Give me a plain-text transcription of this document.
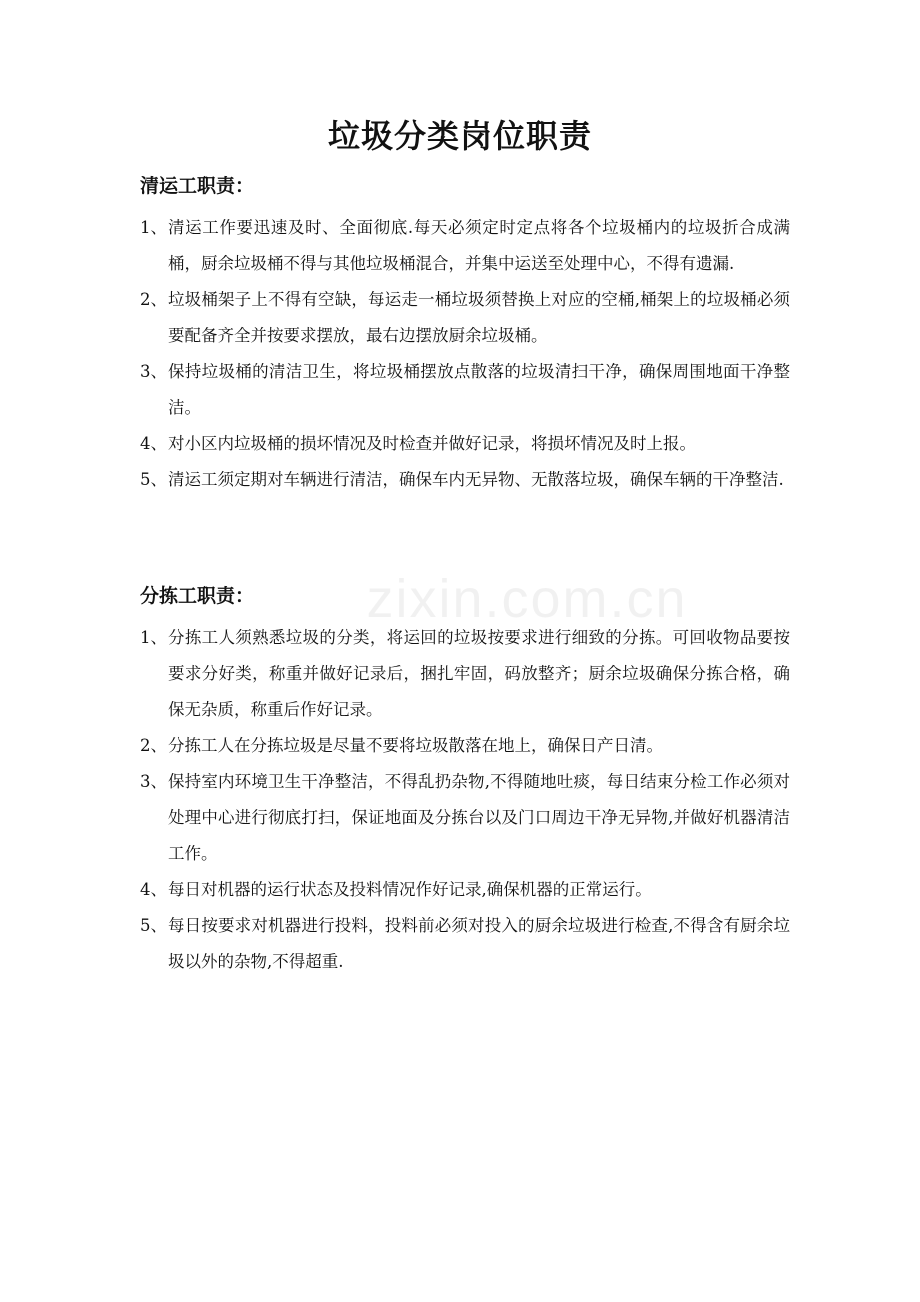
垃圾分类岗位职责
zixin.com.cn
清运工职责：
1、 清运工作要迅速及时、全面彻底.每天必须定时定点将各个垃圾桶内的垃圾折合成满桶，厨余垃圾桶不得与其他垃圾桶混合，并集中运送至处理中心，不得有遗漏.
2、 垃圾桶架子上不得有空缺，每运走一桶垃圾须替换上对应的空桶,桶架上的垃圾桶必须要配备齐全并按要求摆放，最右边摆放厨余垃圾桶。
3、 保持垃圾桶的清洁卫生，将垃圾桶摆放点散落的垃圾清扫干净，确保周围地面干净整洁。
4、 对小区内垃圾桶的损坏情况及时检查并做好记录，将损坏情况及时上报。
5、 清运工须定期对车辆进行清洁，确保车内无异物、无散落垃圾，确保车辆的干净整洁.
分拣工职责：
1、 分拣工人须熟悉垃圾的分类，将运回的垃圾按要求进行细致的分拣。可回收物品要按要求分好类，称重并做好记录后，捆扎牢固，码放整齐；厨余垃圾确保分拣合格，确保无杂质，称重后作好记录。
2、 分拣工人在分拣垃圾是尽量不要将垃圾散落在地上，确保日产日清。
3、 保持室内环境卫生干净整洁，不得乱扔杂物,不得随地吐痰，每日结束分检工作必须对处理中心进行彻底打扫，保证地面及分拣台以及门口周边干净无异物,并做好机器清洁工作。
4、 每日对机器的运行状态及投料情况作好记录,确保机器的正常运行。
5、 每日按要求对机器进行投料，投料前必须对投入的厨余垃圾进行检查,不得含有厨余垃圾以外的杂物,不得超重.
